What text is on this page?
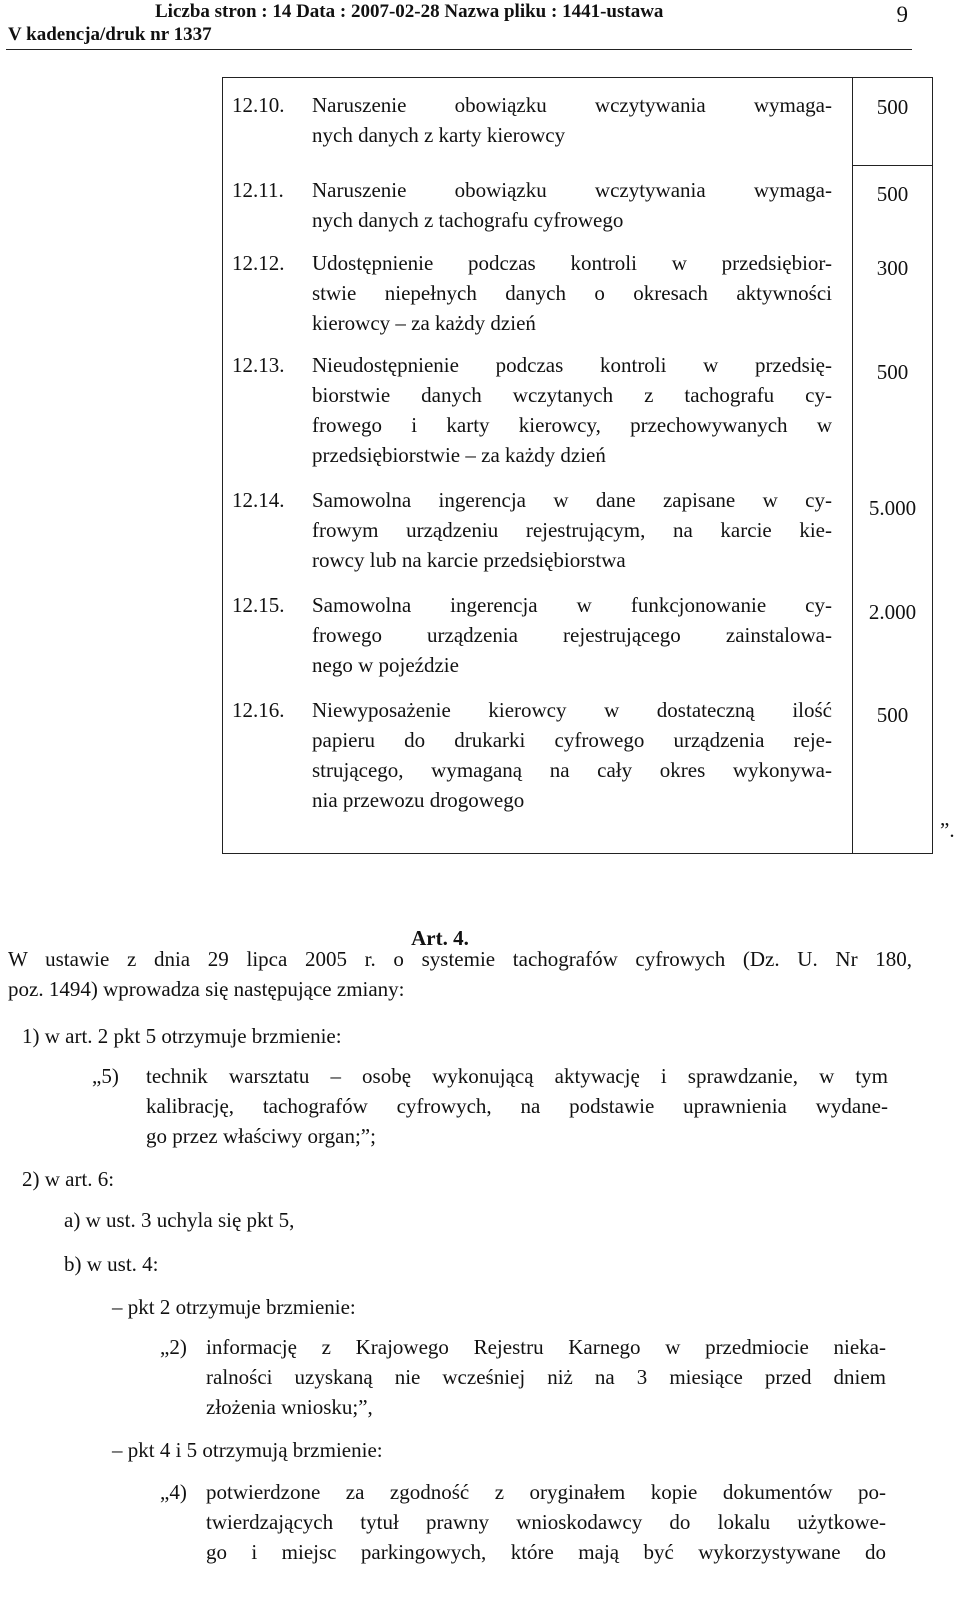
Liczba stron : 14 Data : 2007-02-28 Nazwa pliku : 1441-ustawa
V kadencja/druk nr 1337
9
12.10. Naruszenie obowiązku wczytywania wymaga-
nych danych z karty kierowcy
500
12.11. Naruszenie obowiązku wczytywania wymaga-
nych danych z tachografu cyfrowego
500
12.12. Udostępnienie podczas kontroli w przedsiębior-
stwie niepełnych danych o okresach aktywności
kierowcy – za każdy dzień
300
12.13. Nieudostępnienie podczas kontroli w przedsię-
biorstwie danych wczytanych z tachografu cy-
frowego i karty kierowcy, przechowywanych w
przedsiębiorstwie – za każdy dzień
500
12.14. Samowolna ingerencja w dane zapisane w cy-
frowym urządzeniu rejestrującym, na karcie kie-
rowcy lub na karcie przedsiębiorstwa
5.000
12.15. Samowolna ingerencja w funkcjonowanie cy-
frowego urządzenia rejestrującego zainstalowa-
nego w pojeździe
2.000
12.16. Niewyposażenie kierowcy w dostateczną ilość
papieru do drukarki cyfrowego urządzenia reje-
strującego, wymaganą na cały okres wykonywa-
nia przewozu drogowego
500
”.
Art. 4.
W ustawie z dnia 29 lipca 2005 r. o systemie tachografów cyfrowych (Dz. U. Nr 180,
poz. 1494) wprowadza się następujące zmiany:
1) w art. 2 pkt 5 otrzymuje brzmienie:
„5) technik warsztatu – osobę wykonującą aktywację i sprawdzanie, w tym
kalibrację, tachografów cyfrowych, na podstawie uprawnienia wydane-
go przez właściwy organ;”;
2) w art. 6:
a) w ust. 3 uchyla się pkt 5,
b) w ust. 4:
– pkt 2 otrzymuje brzmienie:
„2) informację z Krajowego Rejestru Karnego w przedmiocie nieka-
ralności uzyskaną nie wcześniej niż na 3 miesiące przed dniem
złożenia wniosku;”,
– pkt 4 i 5 otrzymują brzmienie:
„4) potwierdzone za zgodność z oryginałem kopie dokumentów po-
twierdzających tytuł prawny wnioskodawcy do lokalu użytkowe-
go i miejsc parkingowych, które mają być wykorzystywane do
